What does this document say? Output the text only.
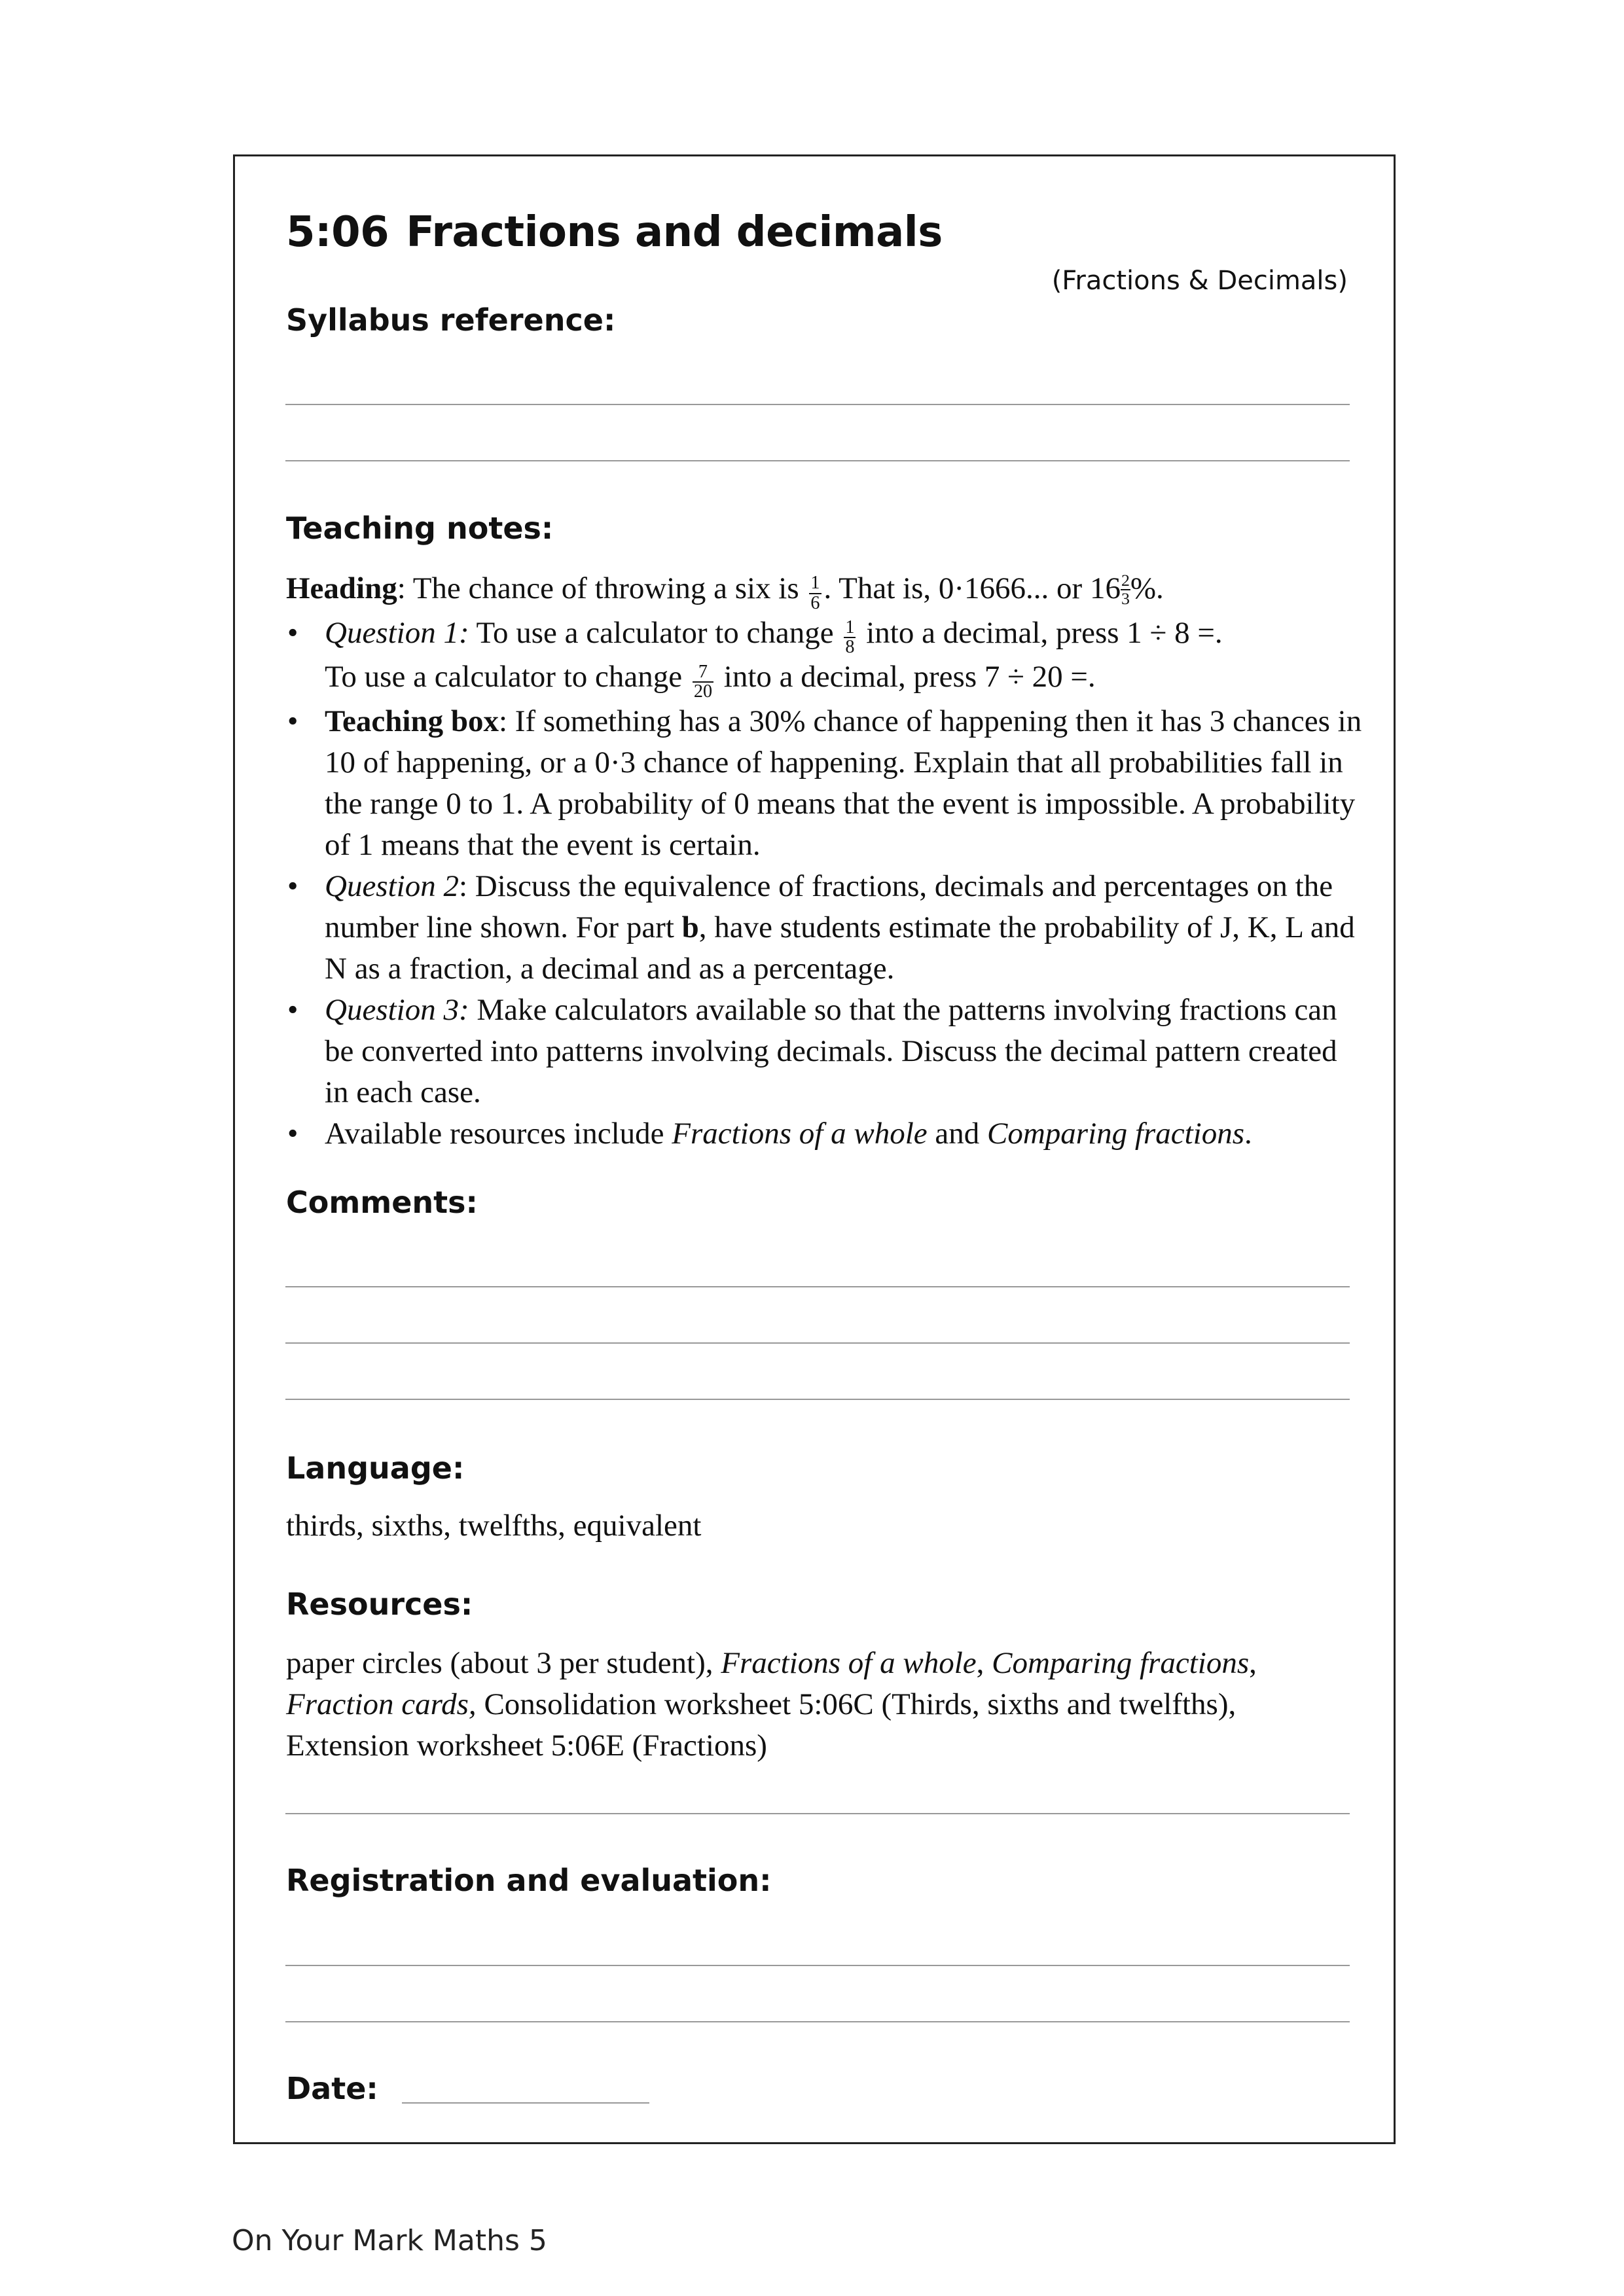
5:06 Fractions and decimals
(Fractions & Decimals)
Syllabus reference:
Teaching notes:

Heading: The chance of throwing a six is $\frac{1}{6}$ . That is, 0·1666... or $16 \frac{2}{3}$ %.

• Question 1: To use a calculator to change $\frac{1}{8}$ into a decimal, press 1 ÷ 8 =.
To use a calculator to change $\frac{7}{20}$ into a decimal, press 7 ÷ 20 =.
• Teaching box: If something has a 30% chance of happening then it has 3 chances in 10 of happening, or a 0·3 chance of happening. Explain that all probabilities fall in the range 0 to 1. A probability of 0 means that the event is impossible. A probability of 1 means that the event is certain.
• Question 2: Discuss the equivalence of fractions, decimals and percentages on the number line shown. For part b, have students estimate the probability of J, K, L and N as a fraction, a decimal and as a percentage.
• Question 3: Make calculators available so that the patterns involving fractions can be converted into patterns involving decimals. Discuss the decimal pattern created in each case.
• Available resources include Fractions of a whole and Comparing fractions.
Comments:
Language:
thirds, sixths, twelfths, equivalent
Resources:
paper circles (about 3 per student), Fractions of a whole, Comparing fractions,
Fraction cards, Consolidation worksheet 5:06C (Thirds, sixths and twelfths), Extension worksheet 5:06E (Fractions)
Registration and evaluation:
Date:
On Your Mark Maths 5
